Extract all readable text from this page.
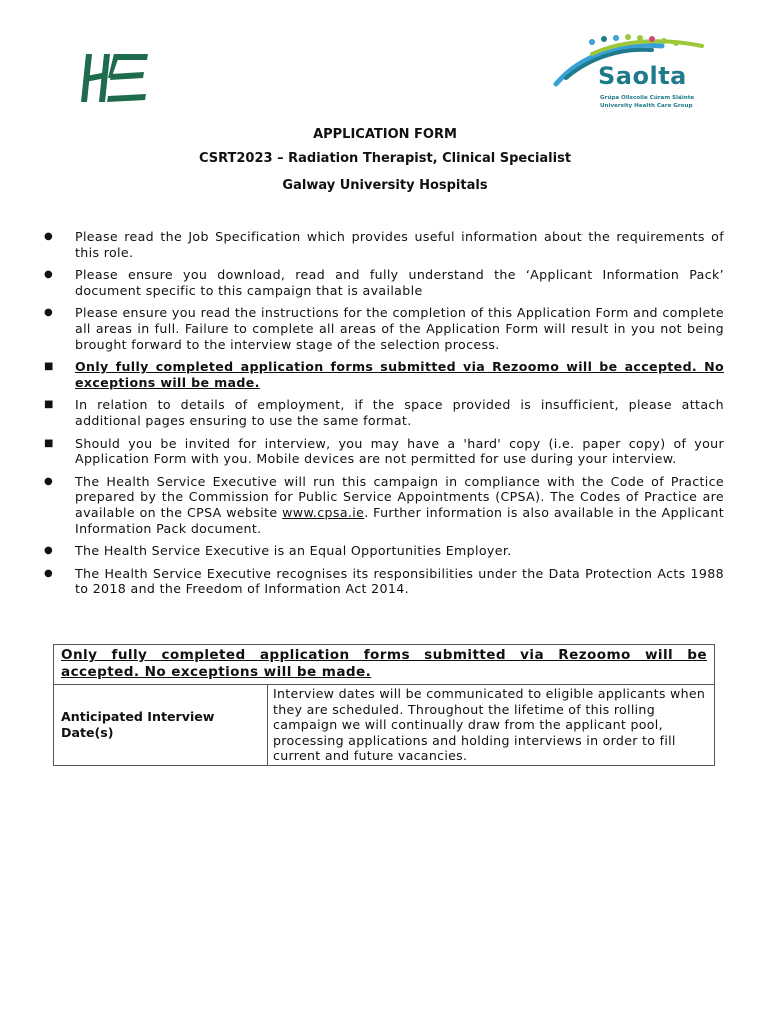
Saolta
Grúpa Ollscoile Cúram Sláinte
University Health Care Group
APPLICATION FORM
CSRT2023 – Radiation Therapist, Clinical Specialist
Galway University Hospitals
● Please read the Job Specification which provides useful information about the requirements of this role.
● Please ensure you download, read and fully understand the ‘Applicant Information Pack’ document specific to this campaign that is available
● Please ensure you read the instructions for the completion of this Application Form and complete all areas in full. Failure to complete all areas of the Application Form will result in you not being brought forward to the interview stage of the selection process.
■ Only fully completed application forms submitted via Rezoomo will be accepted. No exceptions will be made.
■ In relation to details of employment, if the space provided is insufficient, please attach additional pages ensuring to use the same format.
■ Should you be invited for interview, you may have a 'hard' copy (i.e. paper copy) of your Application Form with you. Mobile devices are not permitted for use during your interview.
● The Health Service Executive will run this campaign in compliance with the Code of Practice prepared by the Commission for Public Service Appointments (CPSA). The Codes of Practice are available on the CPSA website www.cpsa.ie. Further information is also available in the Applicant Information Pack document.
● The Health Service Executive is an Equal Opportunities Employer.
● The Health Service Executive recognises its responsibilities under the Data Protection Acts 1988 to 2018 and the Freedom of Information Act 2014.
Only fully completed application forms submitted via Rezoomo will be accepted. No exceptions will be made.
Anticipated Interview Date(s)
Interview dates will be communicated to eligible applicants when they are scheduled. Throughout the lifetime of this rolling campaign we will continually draw from the applicant pool, processing applications and holding interviews in order to fill current and future vacancies.
